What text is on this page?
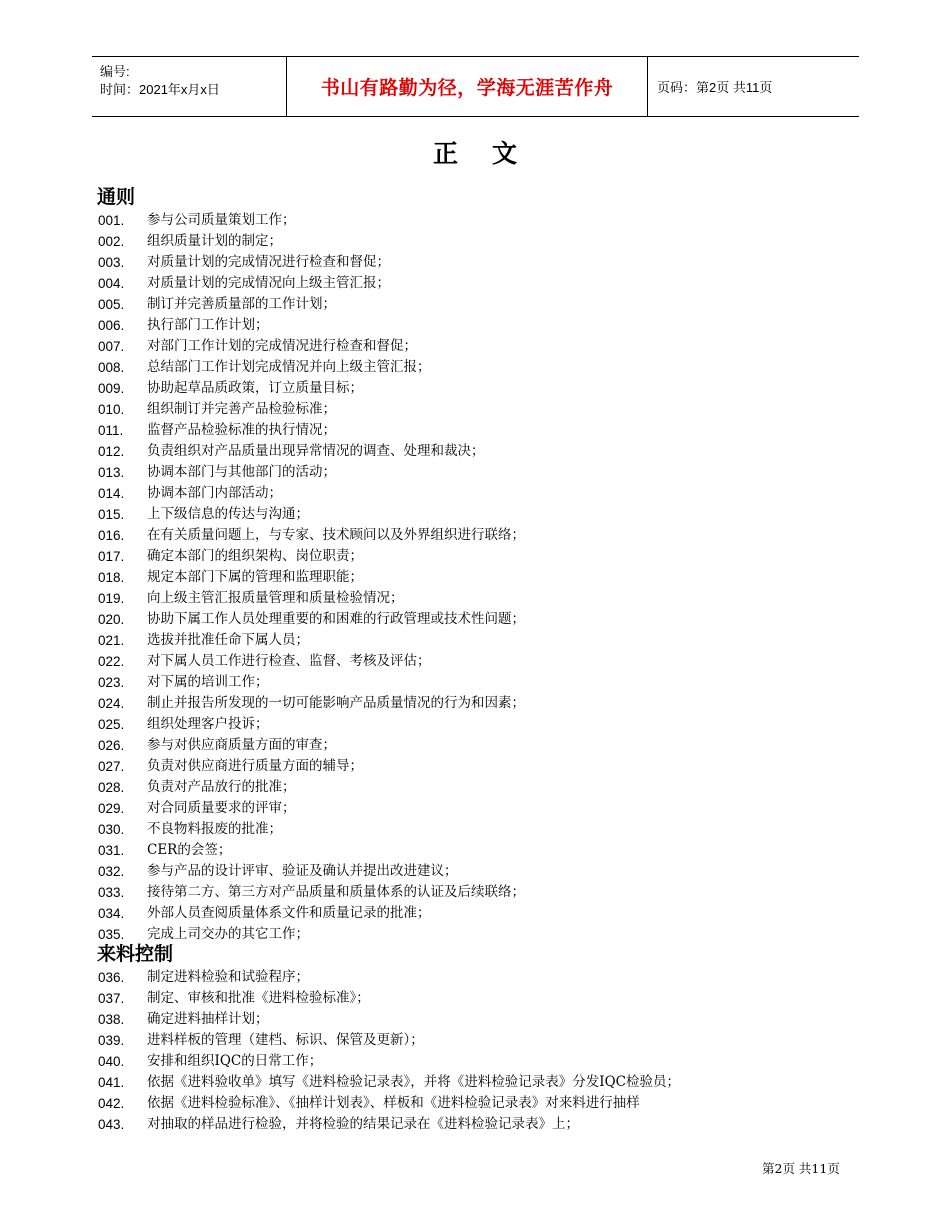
编号:
时间：2021年x月x日	书山有路勤为径，学海无涯苦作舟	页码：第2页 共11页
正文
通则
001. 参与公司质量策划工作；
002. 组织质量计划的制定；
003. 对质量计划的完成情况进行检查和督促；
004. 对质量计划的完成情况向上级主管汇报；
005. 制订并完善质量部的工作计划；
006. 执行部门工作计划；
007. 对部门工作计划的完成情况进行检查和督促；
008. 总结部门工作计划完成情况并向上级主管汇报；
009. 协助起草品质政策，订立质量目标；
010. 组织制订并完善产品检验标准；
011. 监督产品检验标准的执行情况；
012. 负责组织对产品质量出现异常情况的调查、处理和裁决；
013. 协调本部门与其他部门的活动；
014. 协调本部门内部活动；
015. 上下级信息的传达与沟通；
016. 在有关质量问题上，与专家、技术顾问以及外界组织进行联络；
017. 确定本部门的组织架构、岗位职责；
018. 规定本部门下属的管理和监理职能；
019. 向上级主管汇报质量管理和质量检验情况；
020. 协助下属工作人员处理重要的和困难的行政管理或技术性问题；
021. 选拔并批准任命下属人员；
022. 对下属人员工作进行检查、监督、考核及评估；
023. 对下属的培训工作；
024. 制止并报告所发现的一切可能影响产品质量情况的行为和因素；
025. 组织处理客户投诉；
026. 参与对供应商质量方面的审查；
027. 负责对供应商进行质量方面的辅导；
028. 负责对产品放行的批准；
029. 对合同质量要求的评审；
030. 不良物料报废的批准；
031. CER的会签；
032. 参与产品的设计评审、验证及确认并提出改进建议；
033. 接待第二方、第三方对产品质量和质量体系的认证及后续联络；
034. 外部人员查阅质量体系文件和质量记录的批准；
035. 完成上司交办的其它工作；
来料控制
036. 制定进料检验和试验程序；
037. 制定、审核和批准《进料检验标准》；
038. 确定进料抽样计划；
039. 进料样板的管理（建档、标识、保管及更新）；
040. 安排和组织IQC的日常工作；
041. 依据《进料验收单》填写《进料检验记录表》，并将《进料检验记录表》分发IQC检验员；
042. 依据《进料检验标准》、《抽样计划表》、样板和《进料检验记录表》对来料进行抽样
043. 对抽取的样品进行检验，并将检验的结果记录在《进料检验记录表》上；
第2页 共11页
